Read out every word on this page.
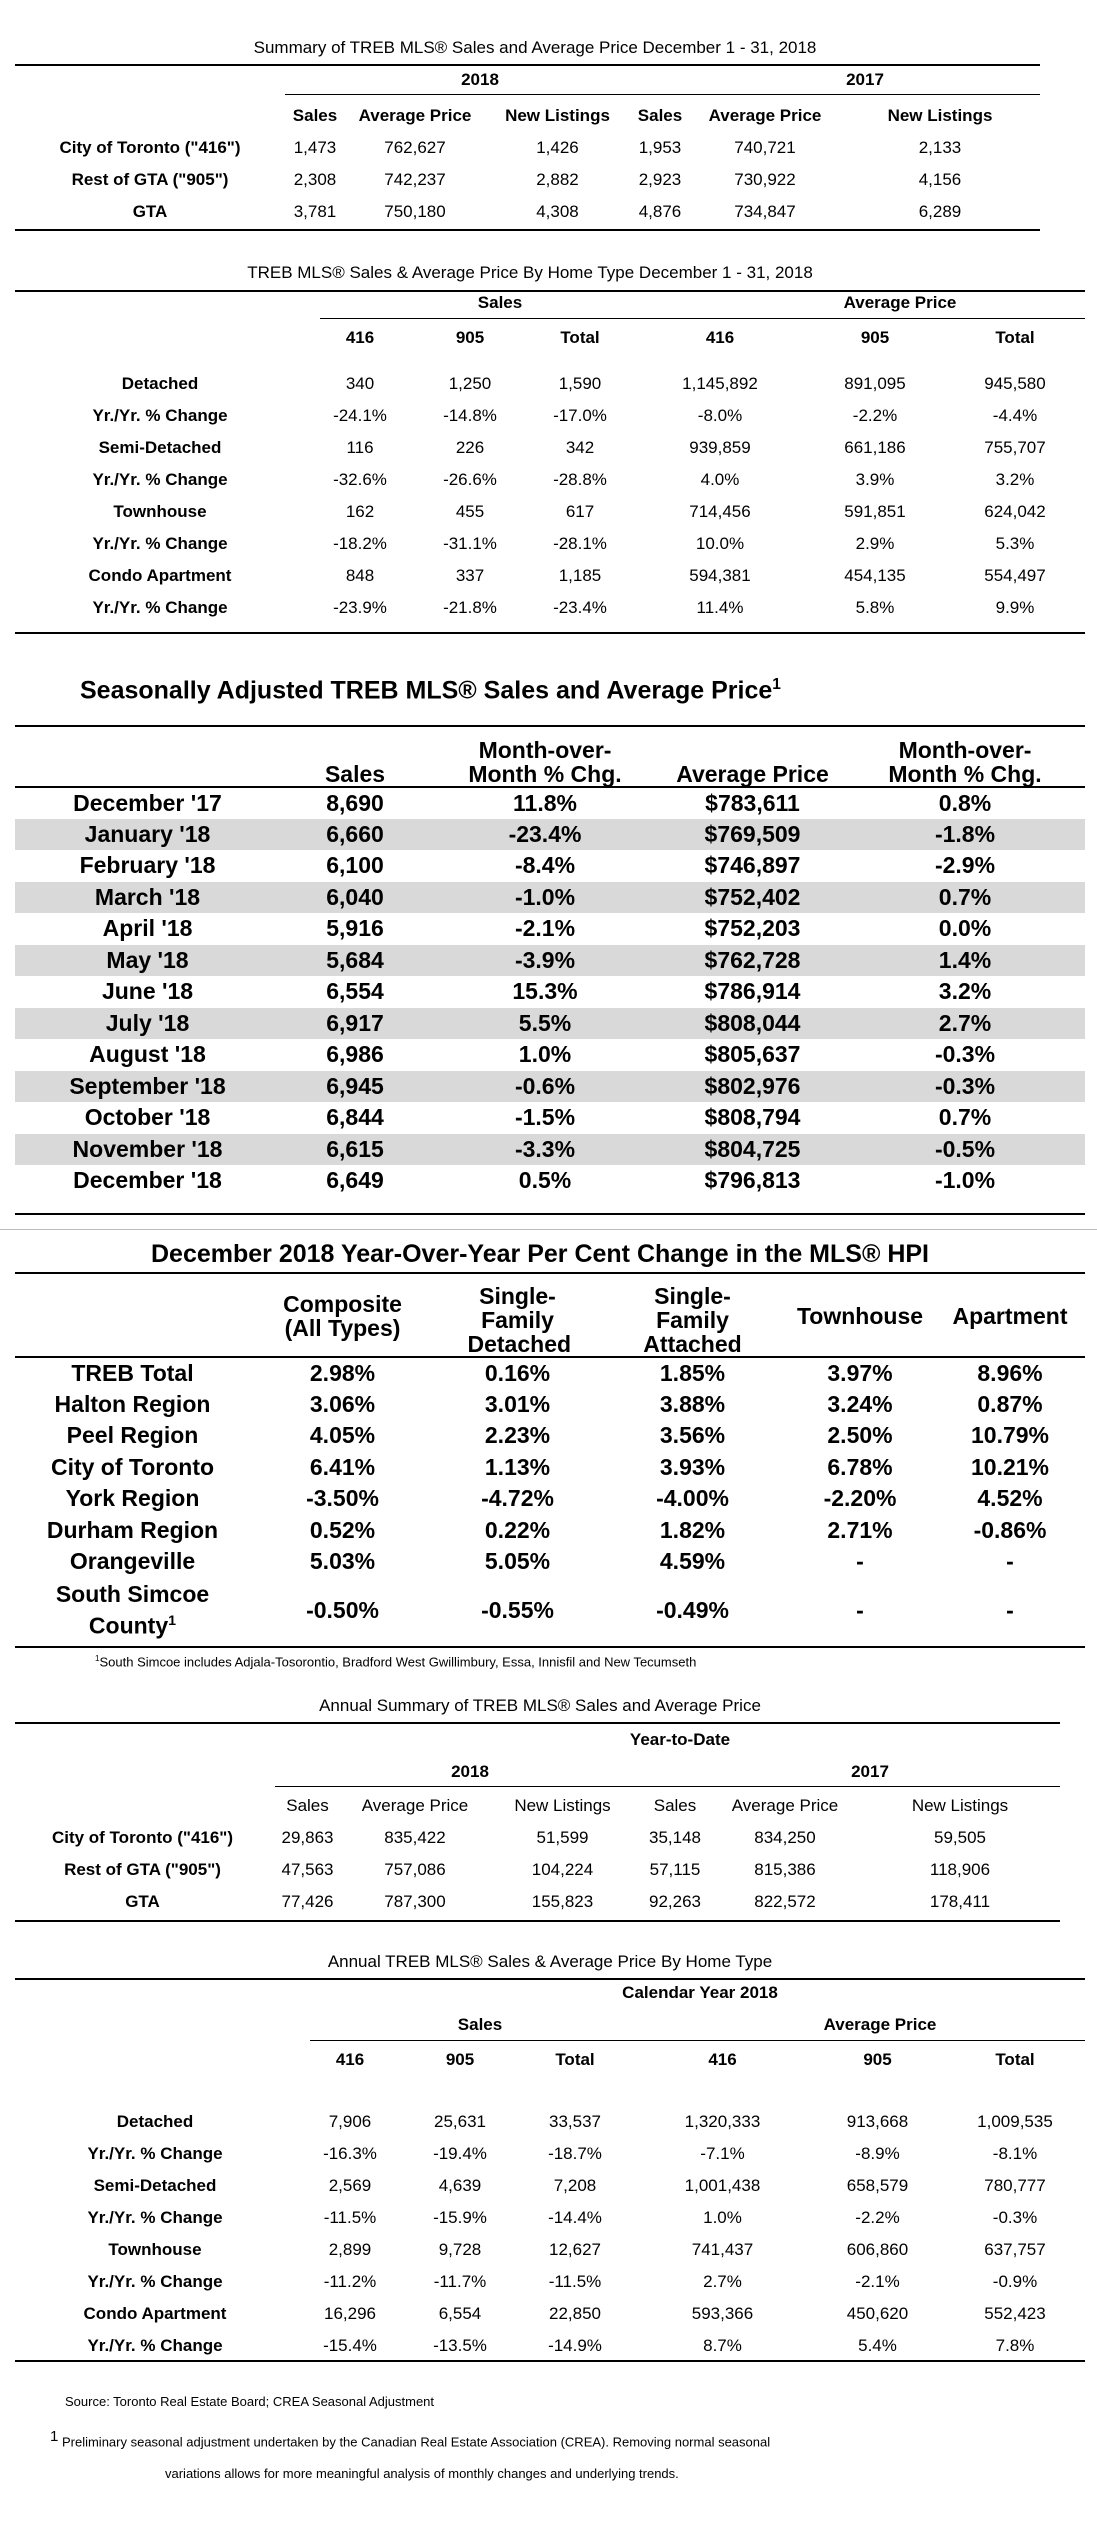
Summary of TREB MLS® Sales and Average Price December 1 - 31, 2018
2018	2017
	Sales	Average Price	New Listings	Sales	Average Price	New Listings
City of Toronto ("416")	1,473	762,627	1,426	1,953	740,721	2,133
Rest of GTA ("905")	2,308	742,237	2,882	2,923	730,922	4,156
GTA	3,781	750,180	4,308	4,876	734,847	6,289
TREB MLS® Sales & Average Price By Home Type December 1 - 31, 2018
Sales	Average Price
	416	905	Total	416	905	Total

Detached	340	1,250	1,590	1,145,892	891,095	945,580
Yr./Yr. % Change	-24.1%	-14.8%	-17.0%	-8.0%	-2.2%	-4.4%
Semi-Detached	116	226	342	939,859	661,186	755,707
Yr./Yr. % Change	-32.6%	-26.6%	-28.8%	4.0%	3.9%	3.2%
Townhouse	162	455	617	714,456	591,851	624,042
Yr./Yr. % Change	-18.2%	-31.1%	-28.1%	10.0%	2.9%	5.3%
Condo Apartment	848	337	1,185	594,381	454,135	554,497
Yr./Yr. % Change	-23.9%	-21.8%	-23.4%	11.4%	5.8%	9.9%
Seasonally Adjusted TREB MLS® Sales and Average Price$^1$
	Sales	Month-over-Month % Chg.	Average Price	Month-over-Month % Chg.
December '17	8,690	11.8%	$783,611	0.8%
January '18	6,660	-23.4%	$769,509	-1.8%
February '18	6,100	-8.4%	$746,897	-2.9%
March '18	6,040	-1.0%	$752,402	0.7%
April '18	5,916	-2.1%	$752,203	0.0%
May '18	5,684	-3.9%	$762,728	1.4%
June '18	6,554	15.3%	$786,914	3.2%
July '18	6,917	5.5%	$808,044	2.7%
August '18	6,986	1.0%	$805,637	-0.3%
September '18	6,945	-0.6%	$802,976	-0.3%
October '18	6,844	-1.5%	$808,794	0.7%
November '18	6,615	-3.3%	$804,725	-0.5%
December '18	6,649	0.5%	$796,813	-1.0%
December 2018 Year-Over-Year Per Cent Change in the MLS® HPI
	Composite (All Types)	Single-Family Detached	Single-Family Attached	Townhouse	Apartment
TREB Total	2.98%	0.16%	1.85%	3.97%	8.96%
Halton Region	3.06%	3.01%	3.88%	3.24%	0.87%
Peel Region	4.05%	2.23%	3.56%	2.50%	10.79%
City of Toronto	6.41%	1.13%	3.93%	6.78%	10.21%
York Region	-3.50%	-4.72%	-4.00%	-2.20%	4.52%
Durham Region	0.52%	0.22%	1.82%	2.71%	-0.86%
Orangeville	5.03%	5.05%	4.59%	-	-
South Simcoe
County$^1$	-0.50%	-0.55%	-0.49%	-	-
$^1$South Simcoe includes Adjala-Tosorontio, Bradford West Gwillimbury, Essa, Innisfil and New Tecumseth
Annual Summary of TREB MLS® Sales and Average Price
Year-to-Date
2018	2017
	Sales	Average Price	New Listings	Sales	Average Price	New Listings
City of Toronto ("416")	29,863	835,422	51,599	35,148	834,250	59,505
Rest of GTA ("905")	47,563	757,086	104,224	57,115	815,386	118,906
GTA	77,426	787,300	155,823	92,263	822,572	178,411
Annual TREB MLS® Sales & Average Price By Home Type
Calendar Year 2018
Sales	Average Price
	416	905	Total	416	905	Total

Detached	7,906	25,631	33,537	1,320,333	913,668	1,009,535
Yr./Yr. % Change	-16.3%	-19.4%	-18.7%	-7.1%	-8.9%	-8.1%
Semi-Detached	2,569	4,639	7,208	1,001,438	658,579	780,777
Yr./Yr. % Change	-11.5%	-15.9%	-14.4%	1.0%	-2.2%	-0.3%
Townhouse	2,899	9,728	12,627	741,437	606,860	637,757
Yr./Yr. % Change	-11.2%	-11.7%	-11.5%	2.7%	-2.1%	-0.9%
Condo Apartment	16,296	6,554	22,850	593,366	450,620	552,423
Yr./Yr. % Change	-15.4%	-13.5%	-14.9%	8.7%	5.4%	7.8%
Source: Toronto Real Estate Board; CREA Seasonal Adjustment
$^1$ Preliminary seasonal adjustment undertaken by the Canadian Real Estate Association (CREA). Removing normal seasonal
variations allows for more meaningful analysis of monthly changes and underlying trends.
